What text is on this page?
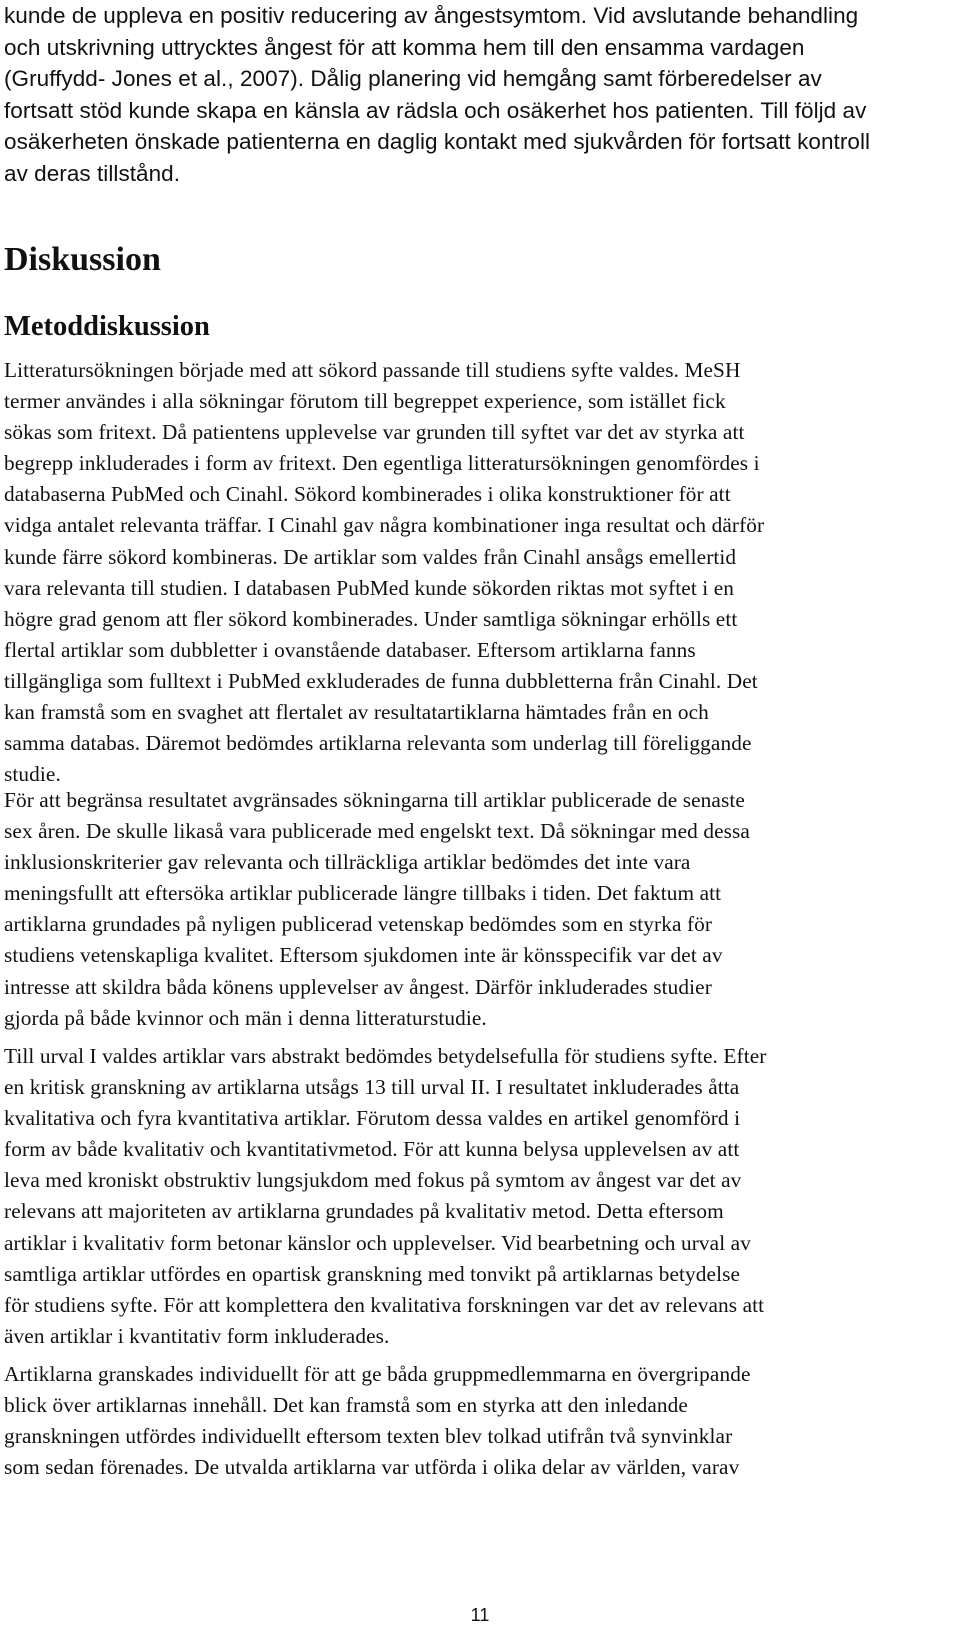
kunde de uppleva en positiv reducering av ångestsymtom. Vid avslutande behandling
och utskrivning uttrycktes ångest för att komma hem till den ensamma vardagen
(Gruffydd- Jones et al., 2007). Dålig planering vid hemgång samt förberedelser av
fortsatt stöd kunde skapa en känsla av rädsla och osäkerhet hos patienten. Till följd av
osäkerheten önskade patienterna en daglig kontakt med sjukvården för fortsatt kontroll
av deras tillstånd.
Diskussion
Metoddiskussion
Litteratursökningen började med att sökord passande till studiens syfte valdes. MeSH
termer användes i alla sökningar förutom till begreppet experience, som istället fick
sökas som fritext. Då patientens upplevelse var grunden till syftet var det av styrka att
begrepp inkluderades i form av fritext. Den egentliga litteratursökningen genomfördes i
databaserna PubMed och Cinahl. Sökord kombinerades i olika konstruktioner för att
vidga antalet relevanta träffar. I Cinahl gav några kombinationer inga resultat och därför
kunde färre sökord kombineras. De artiklar som valdes från Cinahl ansågs emellertid
vara relevanta till studien. I databasen PubMed kunde sökorden riktas mot syftet i en
högre grad genom att fler sökord kombinerades. Under samtliga sökningar erhölls ett
flertal artiklar som dubbletter i ovanstående databaser. Eftersom artiklarna fanns
tillgängliga som fulltext i PubMed exkluderades de funna dubbletterna från Cinahl. Det
kan framstå som en svaghet att flertalet av resultatartiklarna hämtades från en och
samma databas. Däremot bedömdes artiklarna relevanta som underlag till föreliggande
studie.
För att begränsa resultatet avgränsades sökningarna till artiklar publicerade de senaste
sex åren. De skulle likaså vara publicerade med engelskt text. Då sökningar med dessa
inklusionskriterier gav relevanta och tillräckliga artiklar bedömdes det inte vara
meningsfullt att eftersöka artiklar publicerade längre tillbaks i tiden. Det faktum att
artiklarna grundades på nyligen publicerad vetenskap bedömdes som en styrka för
studiens vetenskapliga kvalitet. Eftersom sjukdomen inte är könsspecifik var det av
intresse att skildra båda könens upplevelser av ångest. Därför inkluderades studier
gjorda på både kvinnor och män i denna litteraturstudie.
Till urval I valdes artiklar vars abstrakt bedömdes betydelsefulla för studiens syfte. Efter
en kritisk granskning av artiklarna utsågs 13 till urval II. I resultatet inkluderades åtta
kvalitativa och fyra kvantitativa artiklar. Förutom dessa valdes en artikel genomförd i
form av både kvalitativ och kvantitativmetod. För att kunna belysa upplevelsen av att
leva med kroniskt obstruktiv lungsjukdom med fokus på symtom av ångest var det av
relevans att majoriteten av artiklarna grundades på kvalitativ metod. Detta eftersom
artiklar i kvalitativ form betonar känslor och upplevelser. Vid bearbetning och urval av
samtliga artiklar utfördes en opartisk granskning med tonvikt på artiklarnas betydelse
för studiens syfte. För att komplettera den kvalitativa forskningen var det av relevans att
även artiklar i kvantitativ form inkluderades.
Artiklarna granskades individuellt för att ge båda gruppmedlemmarna en övergripande
blick över artiklarnas innehåll. Det kan framstå som en styrka att den inledande
granskningen utfördes individuellt eftersom texten blev tolkad utifrån två synvinklar
som sedan förenades. De utvalda artiklarna var utförda i olika delar av världen, varav
11
